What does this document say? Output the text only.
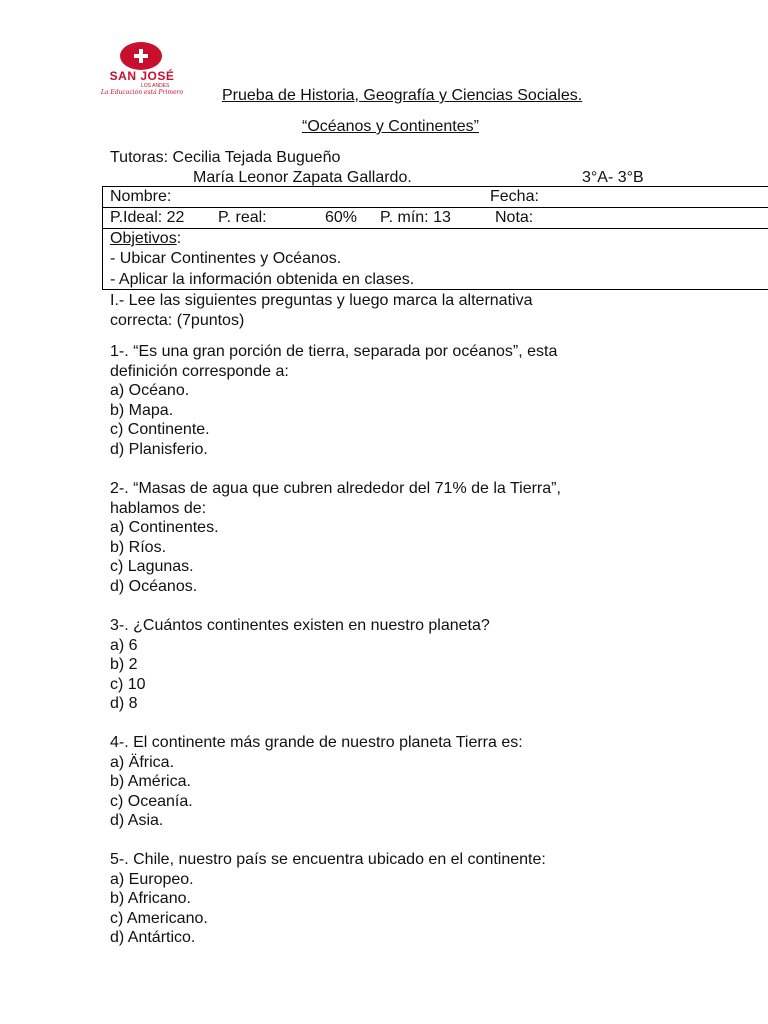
SAN JOSÉ
LOS ANDES
La Educación está Primero Prueba de Historia, Geografía y Ciencias Sociales.
“Océanos y Continentes”
Tutoras: Cecilia Tejada Bugueño
María Leonor Zapata Gallardo.	3°A- 3°B
Nombre:	Fecha:
P.Ideal: 22 P. real:	60% P. mín: 13	Nota:
Objetivos:
- Ubicar Continentes y Océanos.
- Aplicar la información obtenida en clases.
I.- Lee las siguientes preguntas y luego marca la alternativa
correcta: (7puntos)
1-. “Es una gran porción de tierra, separada por océanos”, esta
definición corresponde a:
a) Océano.
b) Mapa.
c) Continente.
d) Planisferio.
2-. “Masas de agua que cubren alrededor del 71% de la Tierra”,
hablamos de:
a) Continentes.
b) Ríos.
c) Lagunas.
d) Océanos.
3-. ¿Cuántos continentes existen en nuestro planeta?
a) 6
b) 2
c) 10
d) 8
4-. El continente más grande de nuestro planeta Tierra es:
a) Äfrica.
b) América.
c) Oceanía.
d) Asia.
5-. Chile, nuestro país se encuentra ubicado en el continente:
a) Europeo.
b) Africano.
c) Americano.
d) Antártico.
